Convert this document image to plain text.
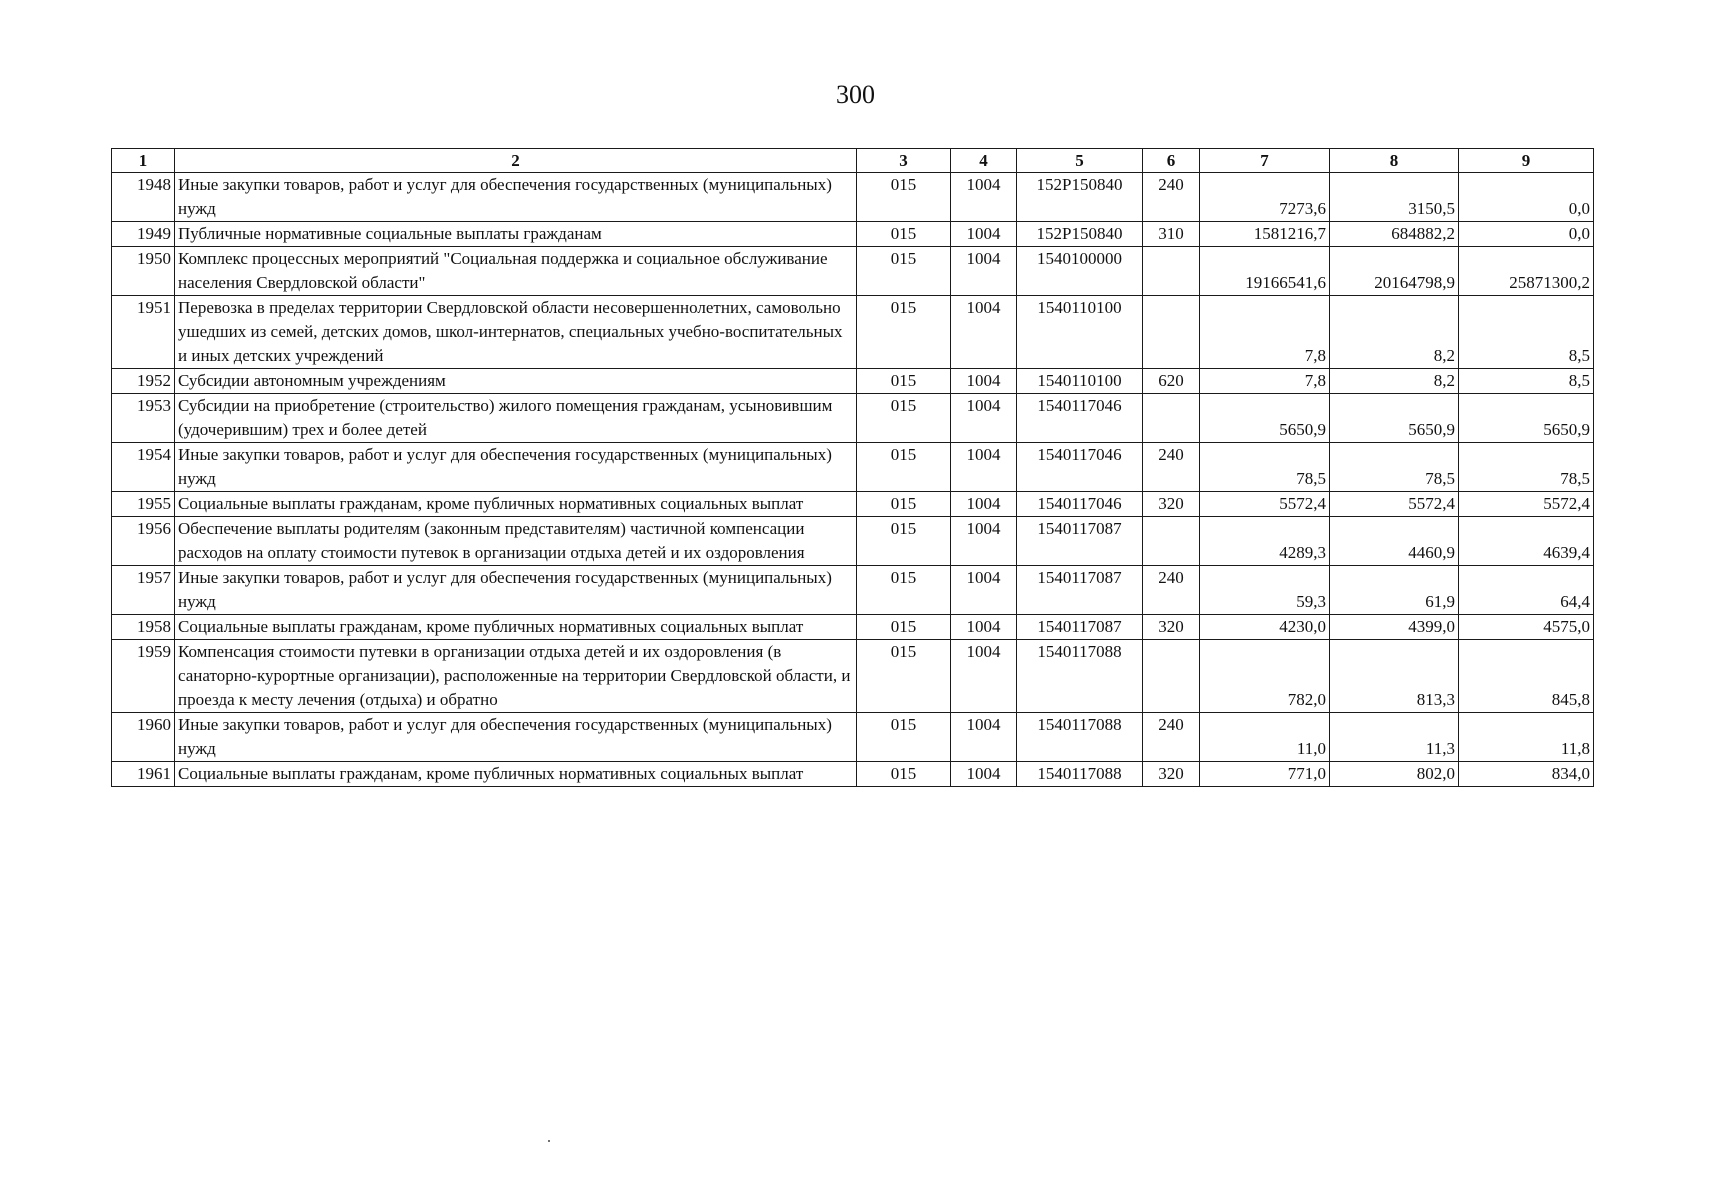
300
1	2	3	4	5	6	7	8	9
1948	Иные закупки товаров, работ и услуг для обеспечения государственных (муниципальных) нужд	015	1004	152P150840	240	7273,6	3150,5	0,0
1949	Публичные нормативные социальные выплаты гражданам	015	1004	152P150840	310	1581216,7	684882,2	0,0
1950	Комплекс процессных мероприятий "Социальная поддержка и социальное обслуживание населения Свердловской области"	015	1004	1540100000		19166541,6	20164798,9	25871300,2
1951	Перевозка в пределах территории Свердловской области несовершеннолетних, самовольно ушедших из семей, детских домов, школ-интернатов, специальных учебно-воспитательных и иных детских учреждений	015	1004	1540110100		7,8	8,2	8,5
1952	Субсидии автономным учреждениям	015	1004	1540110100	620	7,8	8,2	8,5
1953	Субсидии на приобретение (строительство) жилого помещения гражданам, усыновившим (удочерившим) трех и более детей	015	1004	1540117046		5650,9	5650,9	5650,9
1954	Иные закупки товаров, работ и услуг для обеспечения государственных (муниципальных) нужд	015	1004	1540117046	240	78,5	78,5	78,5
1955	Социальные выплаты гражданам, кроме публичных нормативных социальных выплат	015	1004	1540117046	320	5572,4	5572,4	5572,4
1956	Обеспечение выплаты родителям (законным представителям) частичной компенсации расходов на оплату стоимости путевок в организации отдыха детей и их оздоровления	015	1004	1540117087		4289,3	4460,9	4639,4
1957	Иные закупки товаров, работ и услуг для обеспечения государственных (муниципальных) нужд	015	1004	1540117087	240	59,3	61,9	64,4
1958	Социальные выплаты гражданам, кроме публичных нормативных социальных выплат	015	1004	1540117087	320	4230,0	4399,0	4575,0
1959	Компенсация стоимости путевки в организации отдыха детей и их оздоровления (в санаторно-курортные организации), расположенные на территории Свердловской области, и проезда к месту лечения (отдыха) и обратно	015	1004	1540117088		782,0	813,3	845,8
1960	Иные закупки товаров, работ и услуг для обеспечения государственных (муниципальных) нужд	015	1004	1540117088	240	11,0	11,3	11,8
1961	Социальные выплаты гражданам, кроме публичных нормативных социальных выплат	015	1004	1540117088	320	771,0	802,0	834,0
